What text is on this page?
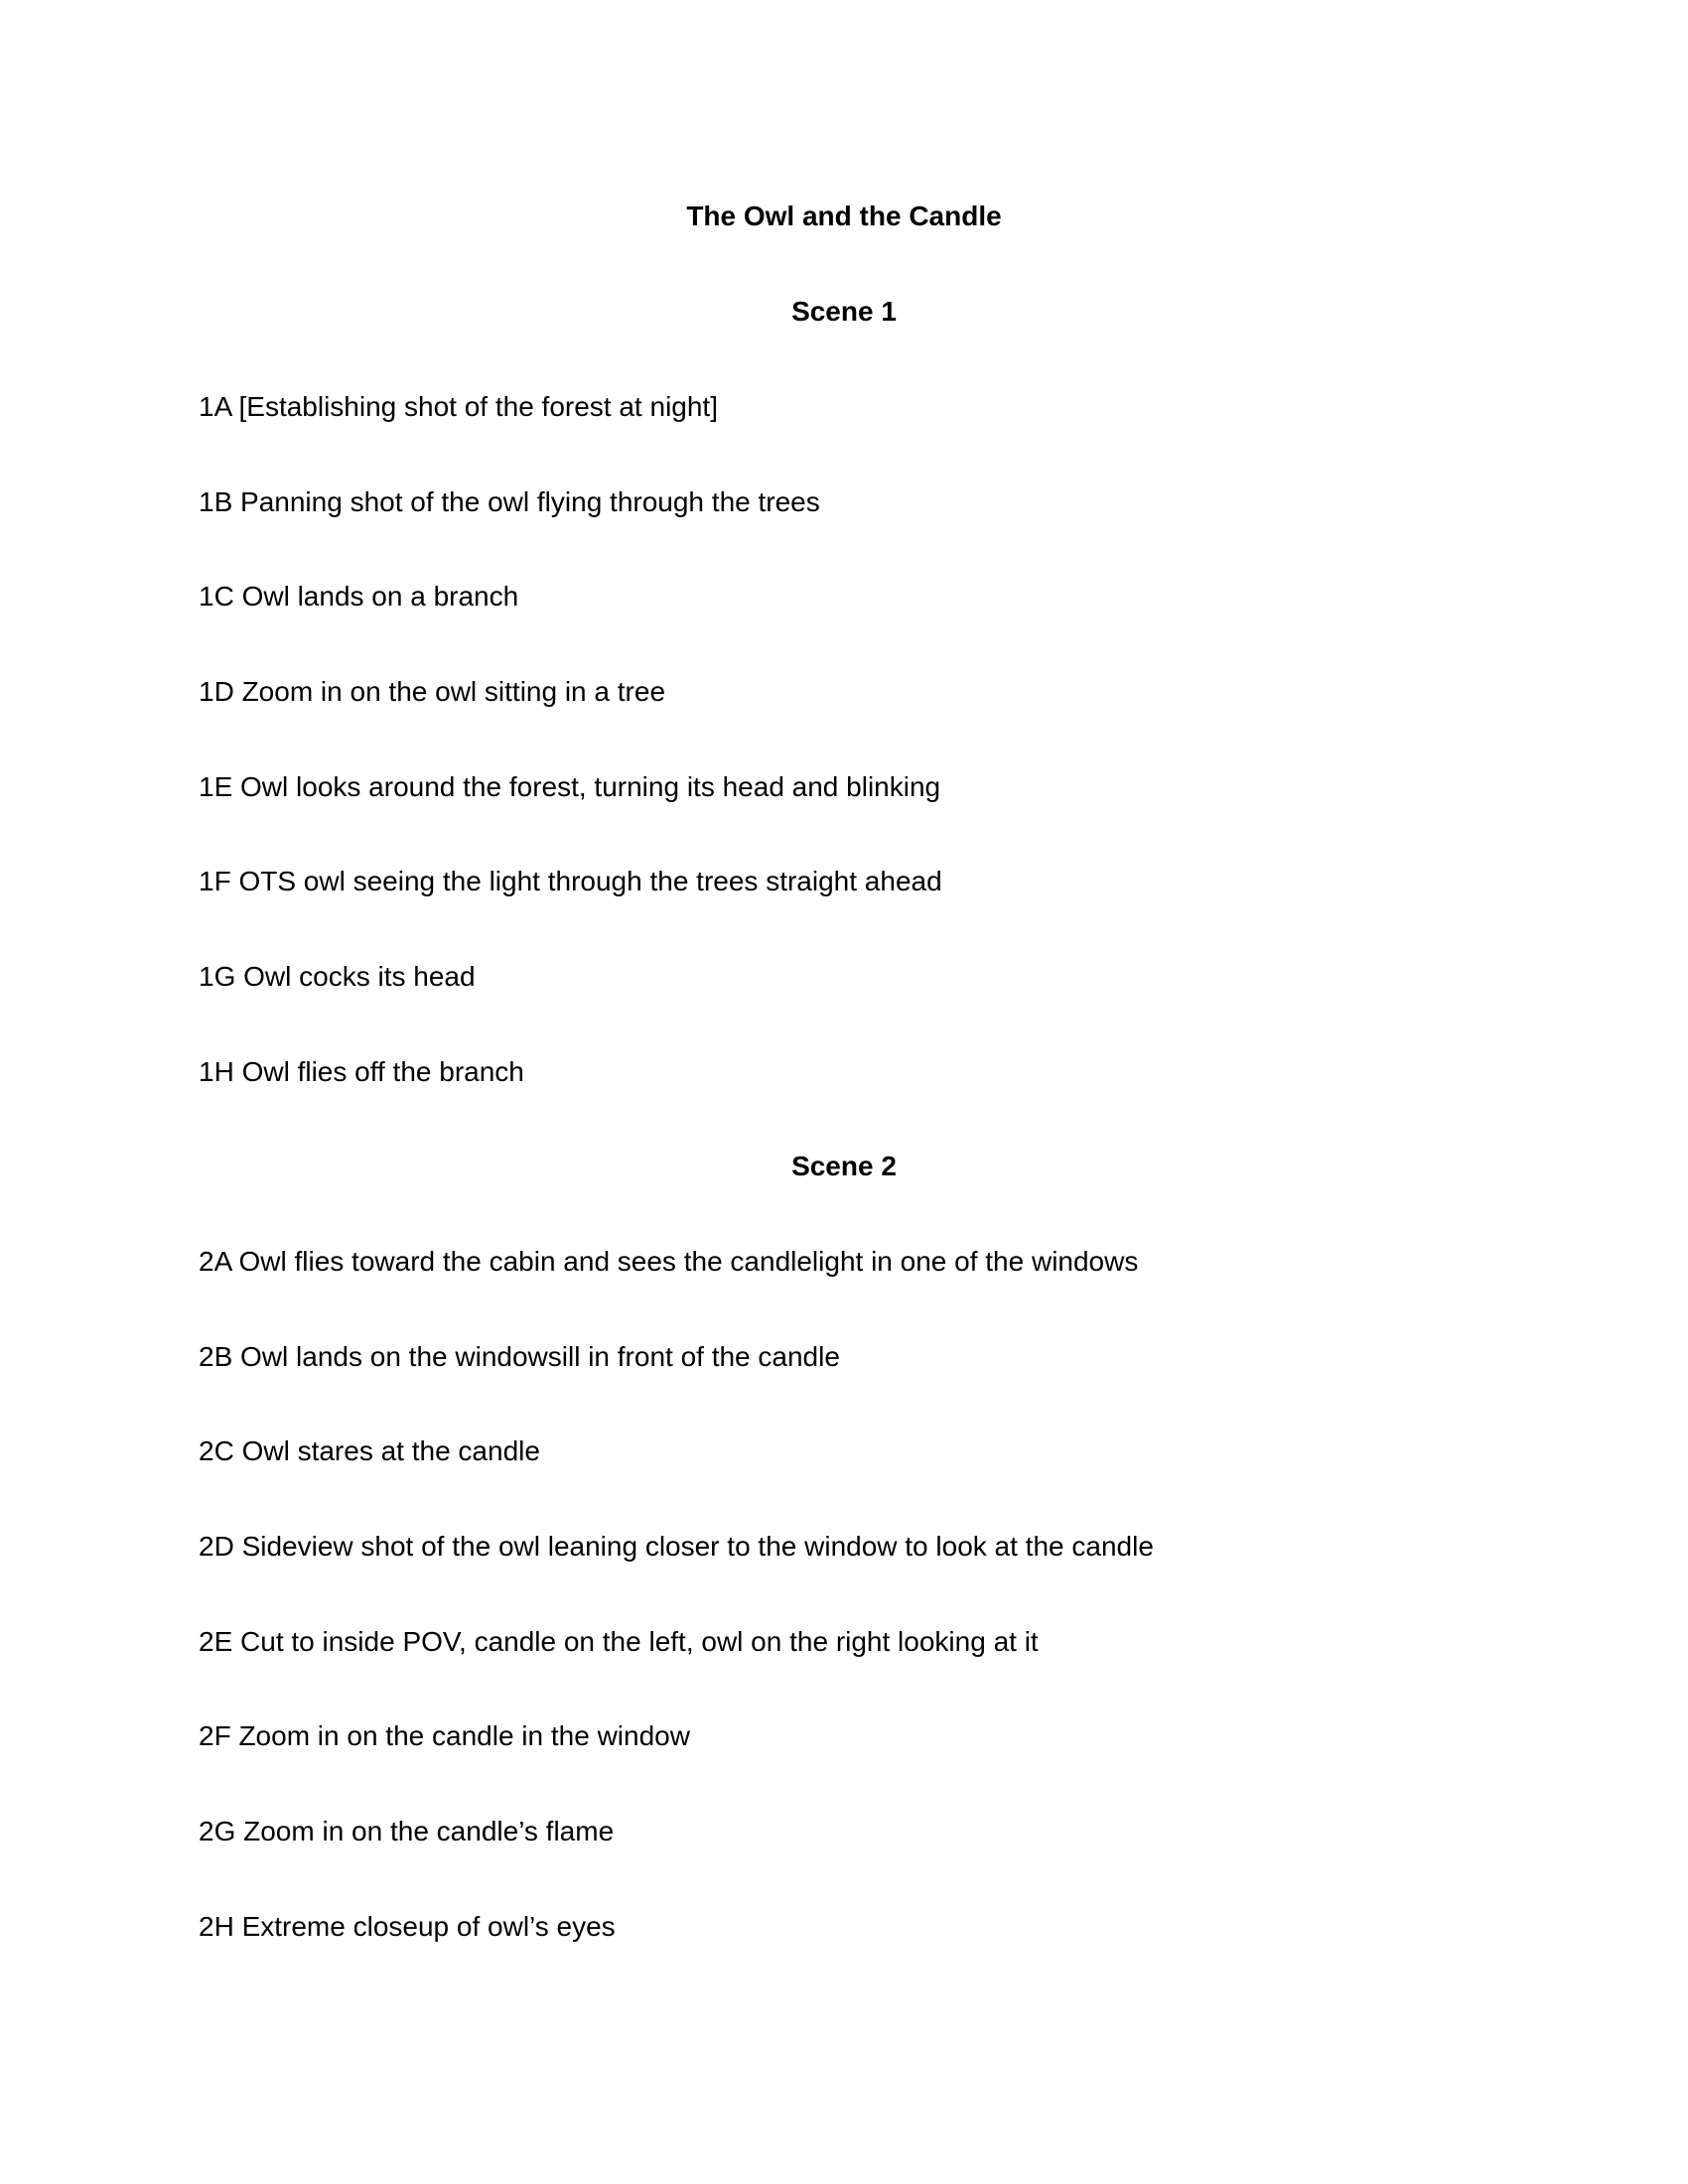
The Owl and the Candle
Scene 1

1A [Establishing shot of the forest at night]

1B Panning shot of the owl flying through the trees

1C Owl lands on a branch

1D Zoom in on the owl sitting in a tree

1E Owl looks around the forest, turning its head and blinking

1F OTS owl seeing the light through the trees straight ahead

1G Owl cocks its head

1H Owl flies off the branch

Scene 2

2A Owl flies toward the cabin and sees the candlelight in one of the windows

2B Owl lands on the windowsill in front of the candle

2C Owl stares at the candle

2D Sideview shot of the owl leaning closer to the window to look at the candle

2E Cut to inside POV, candle on the left, owl on the right looking at it

2F Zoom in on the candle in the window

2G Zoom in on the candle’s flame

2H Extreme closeup of owl’s eyes
